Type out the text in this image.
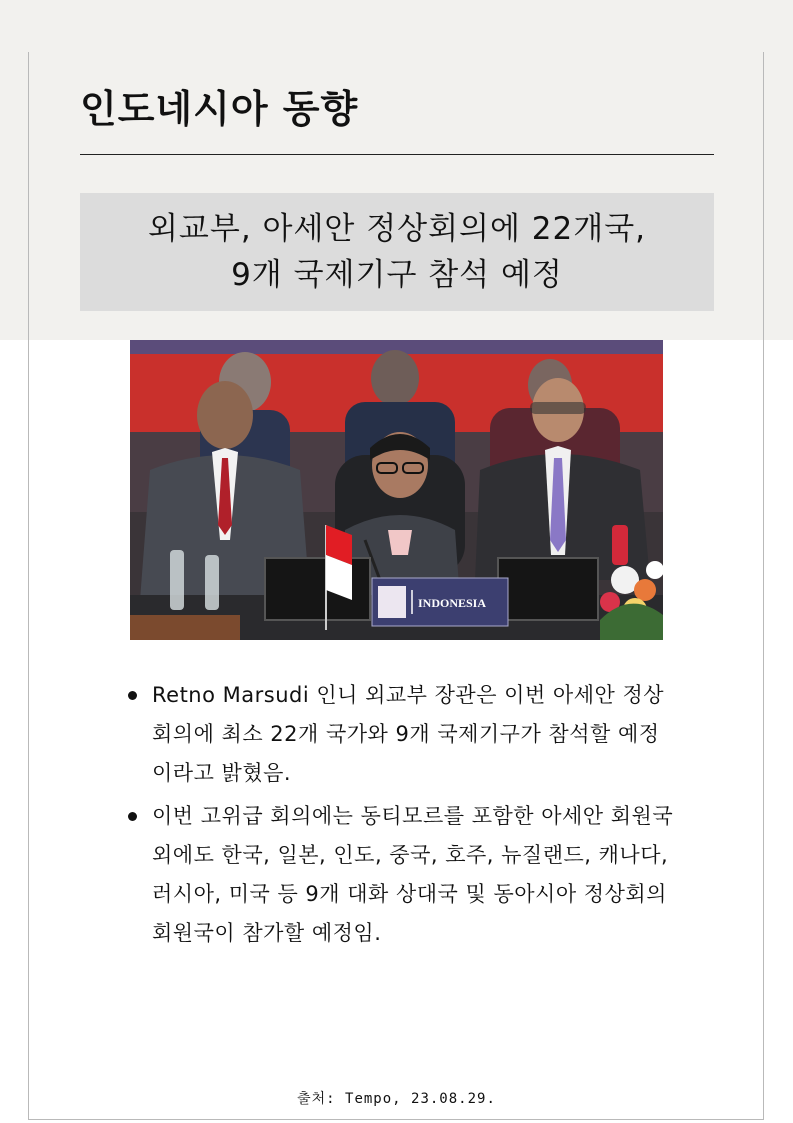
인도네시아 동향
외교부, 아세안 정상회의에 22개국,
9개 국제기구 참석 예정
INDONESIA
Retno Marsudi 인니 외교부 장관은 이번 아세안 정상회의에 최소 22개 국가와 9개 국제기구가 참석할 예정이라고 밝혔음.
이번 고위급 회의에는 동티모르를 포함한 아세안 회원국 외에도 한국, 일본, 인도, 중국, 호주, 뉴질랜드, 캐나다, 러시아, 미국 등 9개 대화 상대국 및 동아시아 정상회의 회원국이 참가할 예정임.
출처: Tempo, 23.08.29.
